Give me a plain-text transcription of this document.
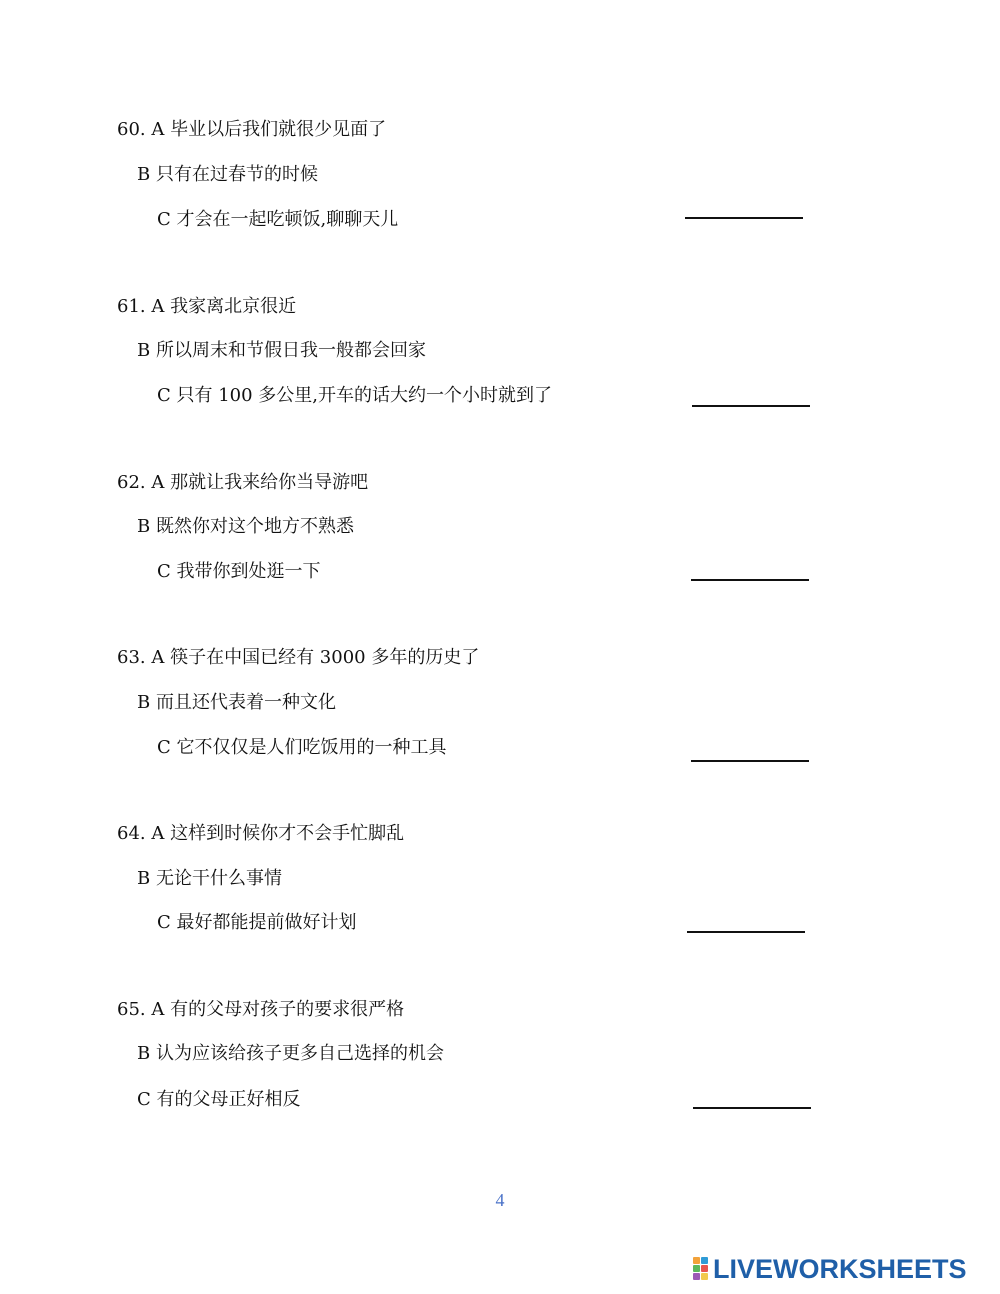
60. A 毕业以后我们就很少见面了
B 只有在过春节的时候
C 才会在一起吃顿饭,聊聊天儿
61. A 我家离北京很近
B 所以周末和节假日我一般都会回家
C 只有 100 多公里,开车的话大约一个小时就到了
62. A 那就让我来给你当导游吧
B 既然你对这个地方不熟悉
C 我带你到处逛一下
63. A 筷子在中国已经有 3000 多年的历史了
B 而且还代表着一种文化
C 它不仅仅是人们吃饭用的一种工具
64. A 这样到时候你才不会手忙脚乱
B 无论干什么事情
C 最好都能提前做好计划
65. A 有的父母对孩子的要求很严格
B 认为应该给孩子更多自己选择的机会
C 有的父母正好相反
4
LIVEWORKSHEETS
